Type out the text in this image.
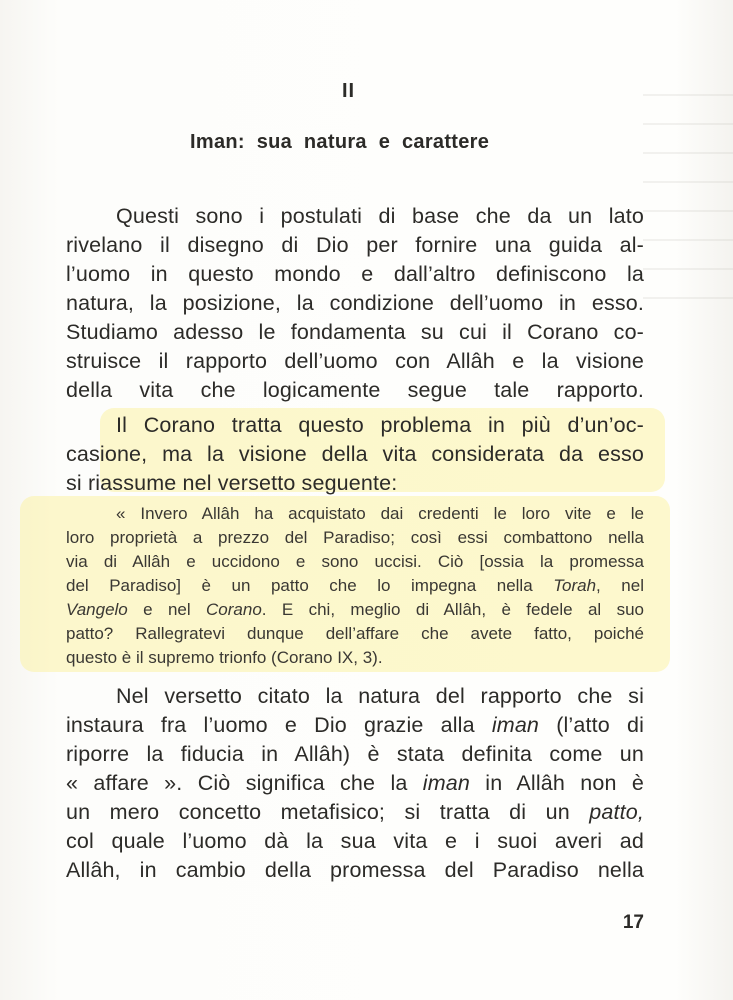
II
Iman: sua natura e carattere
Questi sono i postulati di base che da un lato
rivelano il disegno di Dio per fornire una guida al-
l’uomo in questo mondo e dall’altro definiscono la
natura, la posizione, la condizione dell’uomo in esso.
Studiamo adesso le fondamenta su cui il Corano co-
struisce il rapporto dell’uomo con Allâh e la visione
della vita che logicamente segue tale rapporto.
Il Corano tratta questo problema in più d’un’oc-
casione, ma la visione della vita considerata da esso
si riassume nel versetto seguente:
« Invero Allâh ha acquistato dai credenti le loro vite e le
loro proprietà a prezzo del Paradiso; così essi combattono nella
via di Allâh e uccidono e sono uccisi. Ciò [ossia la promessa
del Paradiso] è un patto che lo impegna nella Torah, nel
Vangelo e nel Corano. E chi, meglio di Allâh, è fedele al suo
patto? Rallegratevi dunque dell’affare che avete fatto, poiché
questo è il supremo trionfo (Corano IX, 3).
Nel versetto citato la natura del rapporto che si
instaura fra l’uomo e Dio grazie alla iman (l’atto di
riporre la fiducia in Allâh) è stata definita come un
« affare ». Ciò significa che la iman in Allâh non è
un mero concetto metafisico; si tratta di un patto,
col quale l’uomo dà la sua vita e i suoi averi ad
Allâh, in cambio della promessa del Paradiso nella
17
